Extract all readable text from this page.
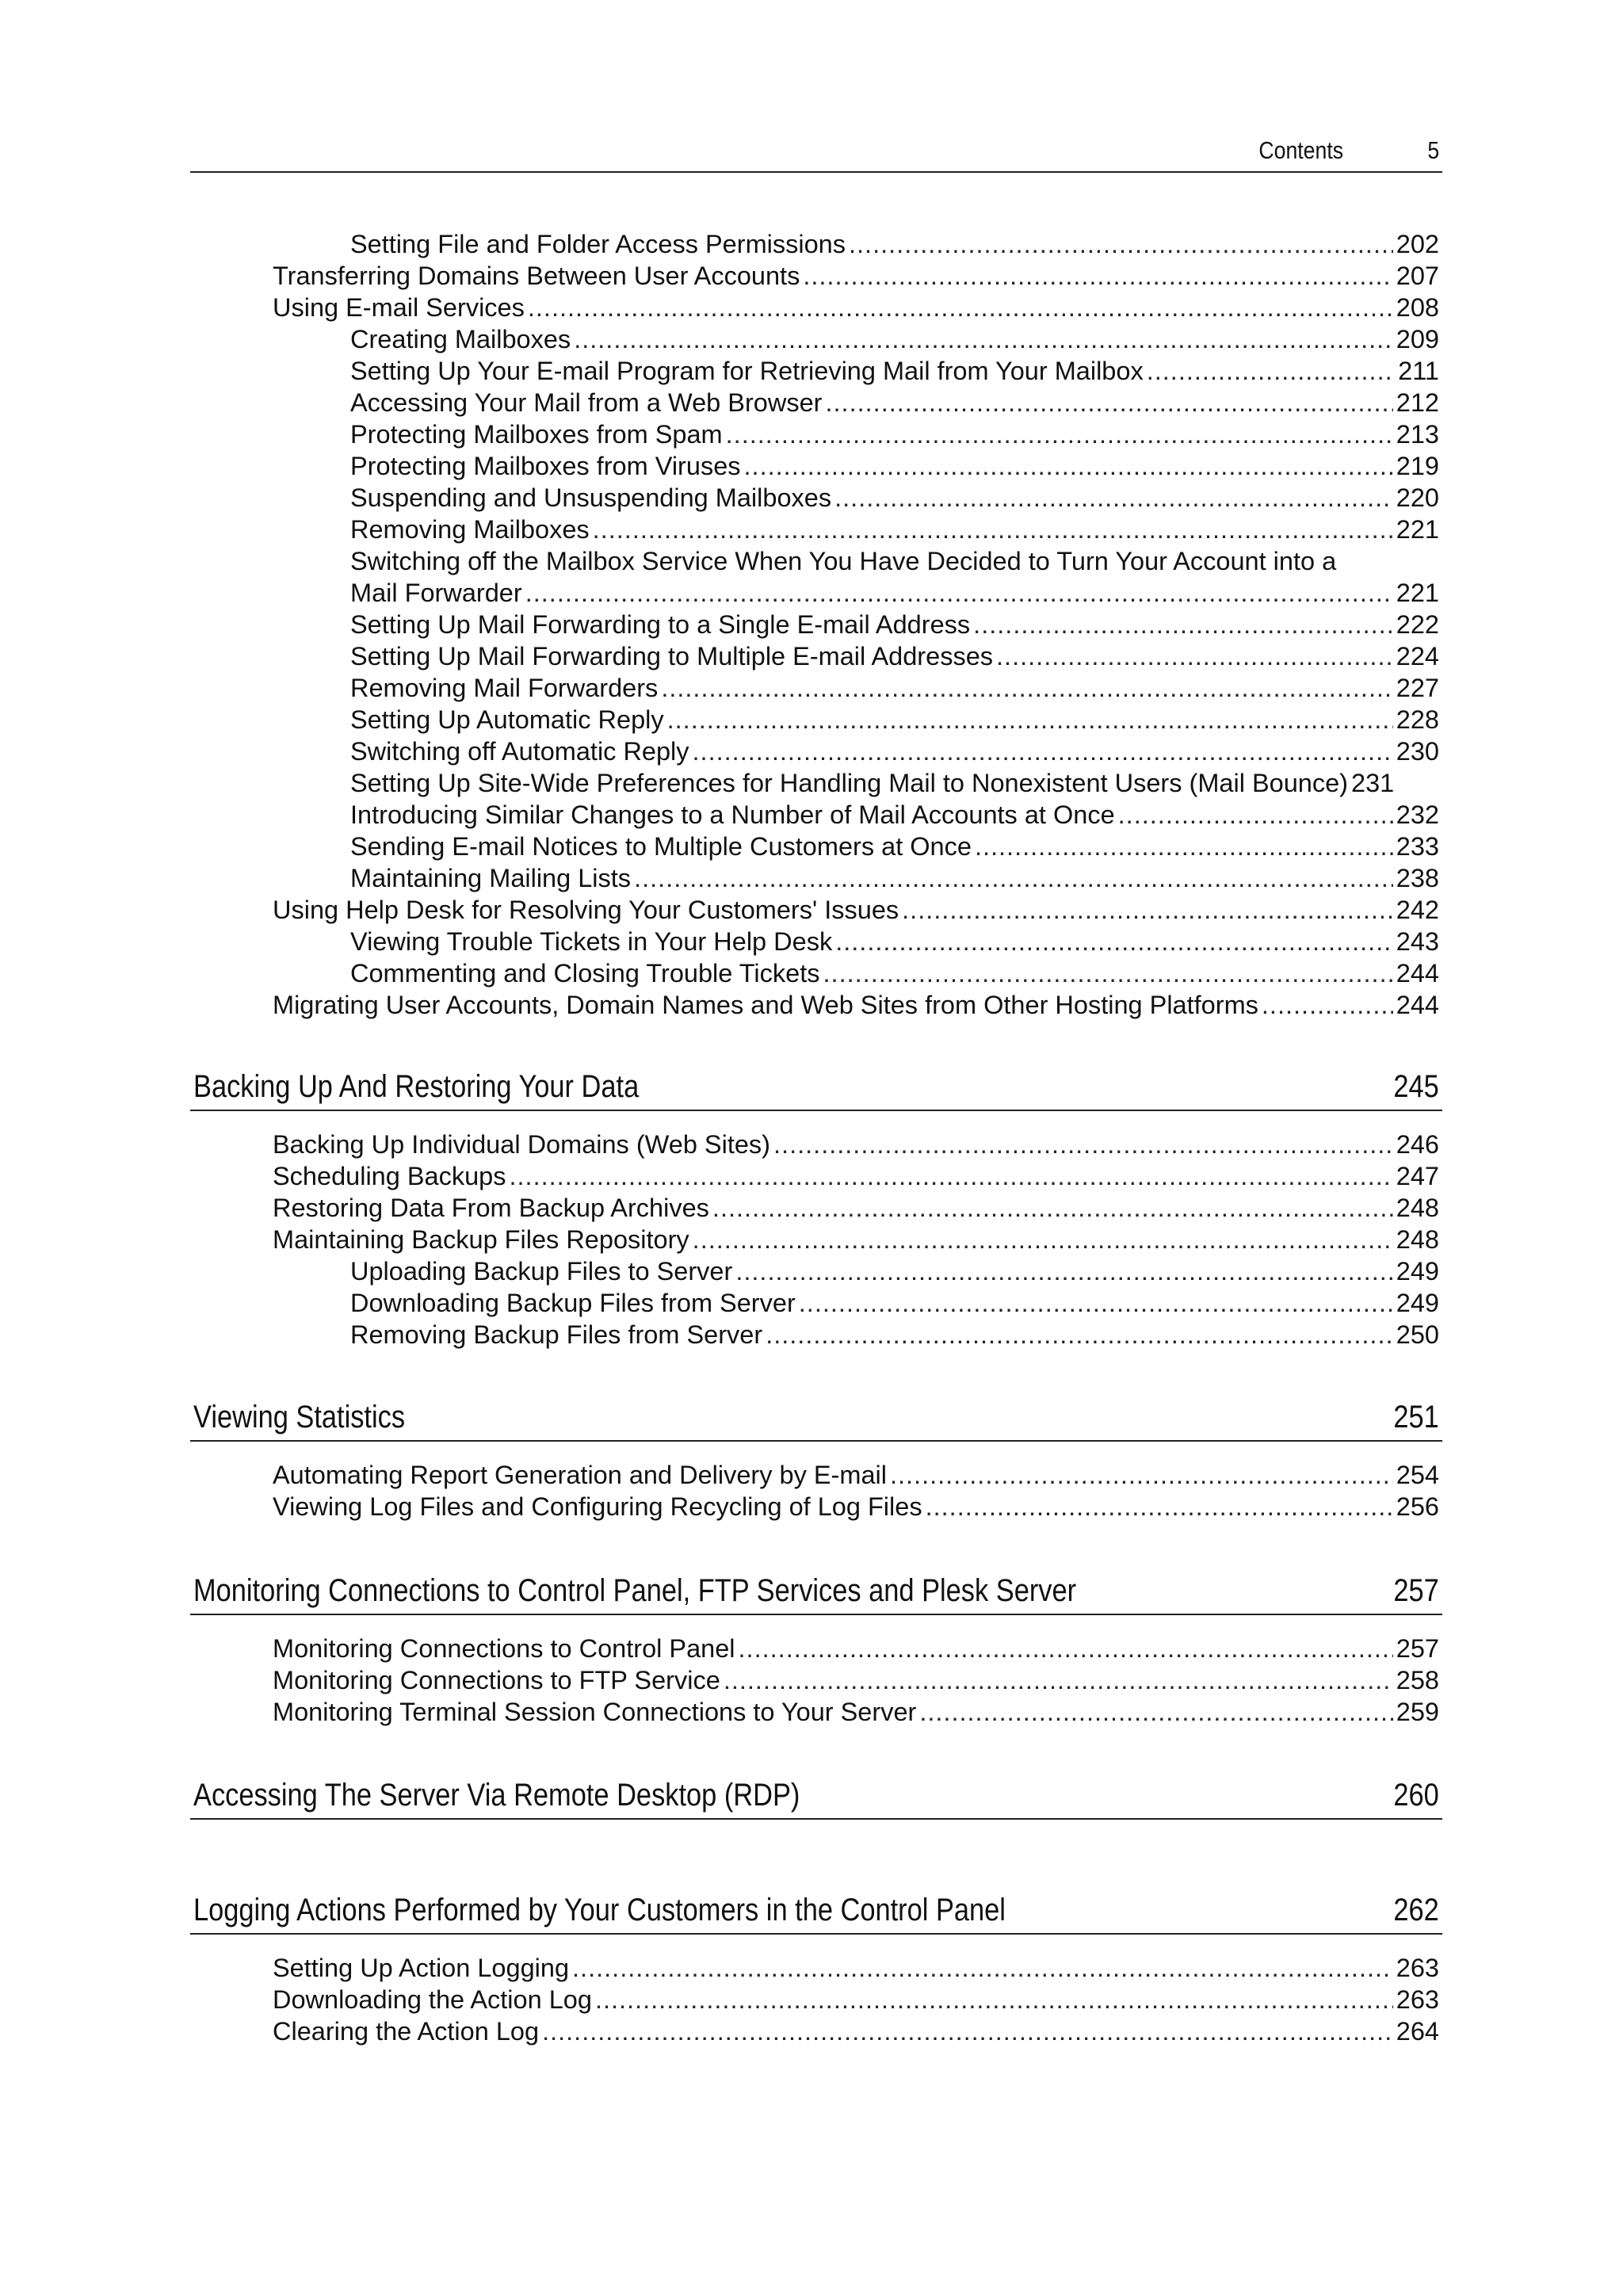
Contents	5
Setting File and Folder Access Permissions .....	202
Transferring Domains Between User Accounts .....	207
Using E-mail Services .....	208
Creating Mailboxes .....	209
Setting Up Your E-mail Program for Retrieving Mail from Your Mailbox .....	211
Accessing Your Mail from a Web Browser .....	212
Protecting Mailboxes from Spam .....	213
Protecting Mailboxes from Viruses .....	219
Suspending and Unsuspending Mailboxes .....	220
Removing Mailboxes .....	221
Switching off the Mailbox Service When You Have Decided to Turn Your Account into a
Mail Forwarder .....	221
Setting Up Mail Forwarding to a Single E-mail Address .....	222
Setting Up Mail Forwarding to Multiple E-mail Addresses .....	224
Removing Mail Forwarders .....	227
Setting Up Automatic Reply .....	228
Switching off Automatic Reply .....	230
Setting Up Site-Wide Preferences for Handling Mail to Nonexistent Users (Mail Bounce) 231
Introducing Similar Changes to a Number of Mail Accounts at Once .....	232
Sending E-mail Notices to Multiple Customers at Once .....	233
Maintaining Mailing Lists .....	238
Using Help Desk for Resolving Your Customers' Issues .....	242
Viewing Trouble Tickets in Your Help Desk .....	243
Commenting and Closing Trouble Tickets .....	244
Migrating User Accounts, Domain Names and Web Sites from Other Hosting Platforms .....	244
Backing Up And Restoring Your Data	245
Backing Up Individual Domains (Web Sites) .....	246
Scheduling Backups .....	247
Restoring Data From Backup Archives .....	248
Maintaining Backup Files Repository .....	248
Uploading Backup Files to Server .....	249
Downloading Backup Files from Server .....	249
Removing Backup Files from Server .....	250
Viewing Statistics	251
Automating Report Generation and Delivery by E-mail .....	254
Viewing Log Files and Configuring Recycling of Log Files .....	256
Monitoring Connections to Control Panel, FTP Services and Plesk Server	257
Monitoring Connections to Control Panel .....	257
Monitoring Connections to FTP Service .....	258
Monitoring Terminal Session Connections to Your Server .....	259
Accessing The Server Via Remote Desktop (RDP)	260
Logging Actions Performed by Your Customers in the Control Panel	262
Setting Up Action Logging .....	263
Downloading the Action Log .....	263
Clearing the Action Log .....	264
